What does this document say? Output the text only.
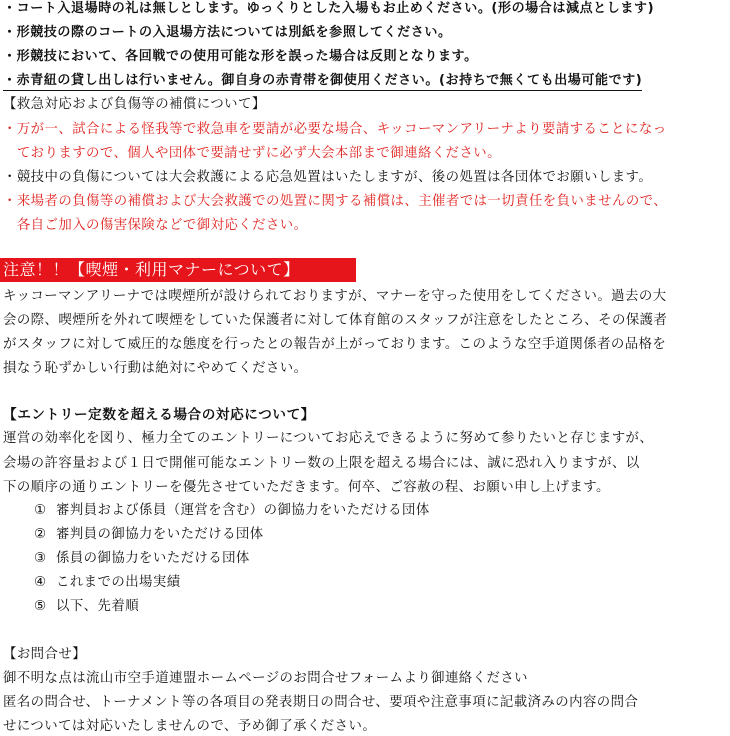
・コート入退場時の礼は無しとします。ゆっくりとした入場もお止めください。(形の場合は減点とします)
・形競技の際のコートの入退場方法については別紙を参照してください。
・形競技において、各回戦での使用可能な形を誤った場合は反則となります。
・赤青紐の貸し出しは行いません。御自身の赤青帯を御使用ください。(お持ちで無くても出場可能です)
【救急対応および負傷等の補償について】
・万が一、試合による怪我等で救急車を要請が必要な場合、キッコーマンアリーナより要請することになっ
　ておりますので、個人や団体で要請せずに必ず大会本部まで御連絡ください。
・競技中の負傷については大会救護による応急処置はいたしますが、後の処置は各団体でお願いします。
・来場者の負傷等の補償および大会救護での処置に関する補償は、主催者では一切責任を負いませんので、
　各自ご加入の傷害保険などで御対応ください。
注意！！【喫煙・利用マナーについて】
キッコーマンアリーナでは喫煙所が設けられておりますが、マナーを守った使用をしてください。過去の大
会の際、喫煙所を外れて喫煙をしていた保護者に対して体育館のスタッフが注意をしたところ、その保護者
がスタッフに対して威圧的な態度を行ったとの報告が上がっております。このような空手道関係者の品格を
損なう恥ずかしい行動は絶対にやめてください。
【エントリー定数を超える場合の対応について】
運営の効率化を図り、極力全てのエントリーについてお応えできるように努めて参りたいと存じますが、
会場の許容量および１日で開催可能なエントリー数の上限を超える場合には、誠に恐れ入りますが、以
下の順序の通りエントリーを優先させていただきます。何卒、ご容赦の程、お願い申し上げます。
① 審判員および係員（運営を含む）の御協力をいただける団体
② 審判員の御協力をいただける団体
③ 係員の御協力をいただける団体
④ これまでの出場実績
⑤ 以下、先着順
【お問合せ】
御不明な点は流山市空手道連盟ホームページのお問合せフォームより御連絡ください
匿名の問合せ、トーナメント等の各項目の発表期日の問合せ、要項や注意事項に記載済みの内容の問合
せについては対応いたしませんので、予め御了承ください。
